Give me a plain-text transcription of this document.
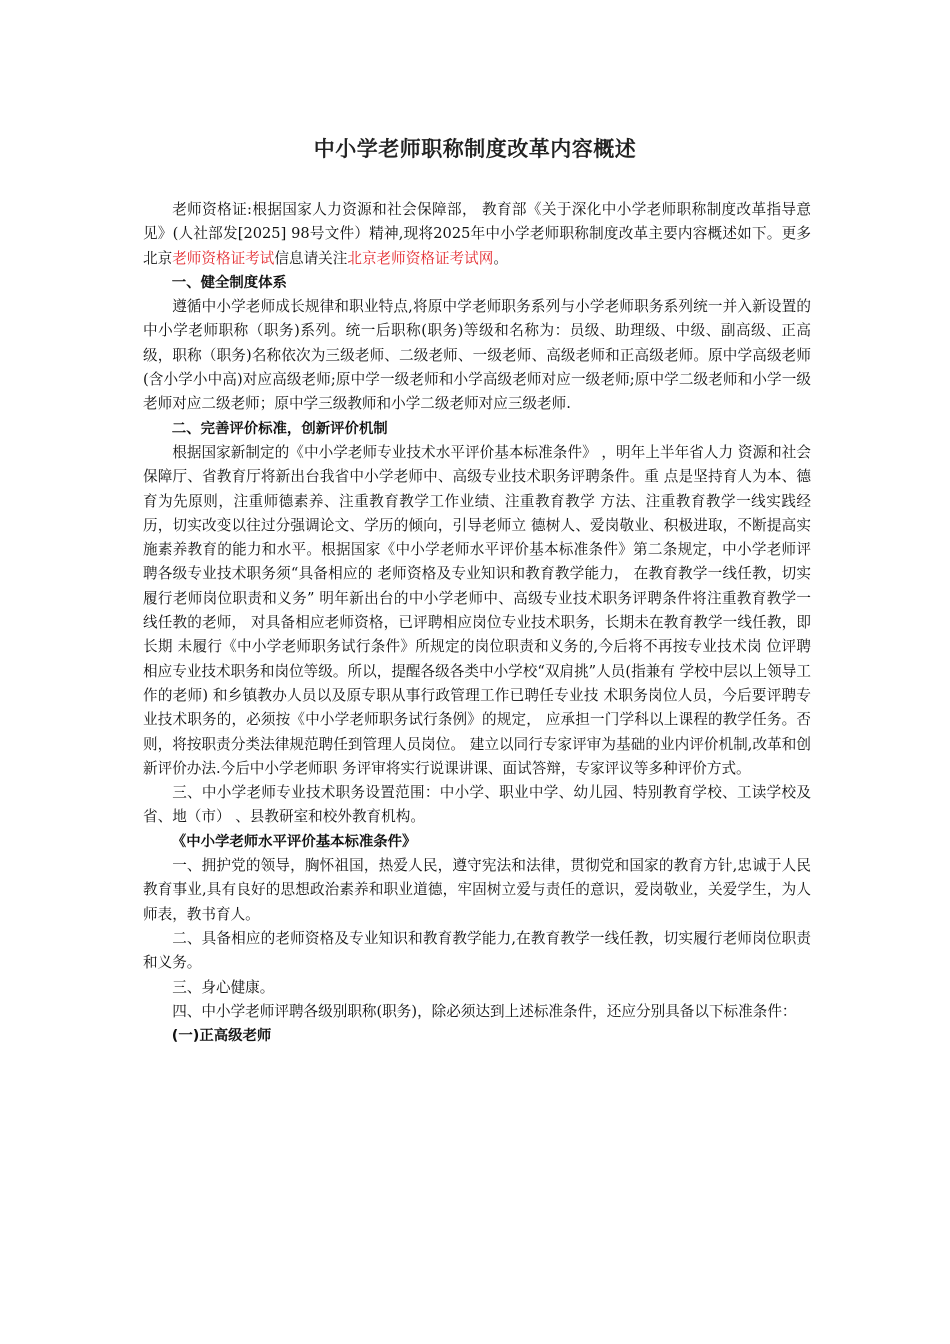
中小学老师职称制度改革内容概述

老师资格证:根据国家人力资源和社会保障部， 教育部《关于深化中小学老师职称制度改革指导意见》(人社部发[2025] 98号文件）精神,现将2025年中小学老师职称制度改革主要内容概述如下。更多北京老师资格证考试信息请关注北京老师资格证考试网。

一、健全制度体系

遵循中小学老师成长规律和职业特点,将原中学老师职务系列与小学老师职务系列统一并入新设置的中小学老师职称（职务)系列。统一后职称(职务)等级和名称为：员级、助理级、中级、副高级、正高级，职称（职务)名称依次为三级老师、二级老师、一级老师、高级老师和正高级老师。原中学高级老师(含小学小中高)对应高级老师;原中学一级老师和小学高级老师对应一级老师;原中学二级老师和小学一级老师对应二级老师；原中学三级教师和小学二级老师对应三级老师.

二、完善评价标准，创新评价机制

根据国家新制定的《中小学老师专业技术水平评价基本标准条件》 ，明年上半年省人力 资源和社会保障厅、省教育厅将新出台我省中小学老师中、高级专业技术职务评聘条件。重 点是坚持育人为本、德育为先原则，注重师德素养、注重教育教学工作业绩、注重教育教学 方法、注重教育教学一线实践经历，切实改变以往过分强调论文、学历的倾向，引导老师立 德树人、爱岗敬业、积极进取，不断提高实施素养教育的能力和水平。根据国家《中小学老师水平评价基本标准条件》第二条规定，中小学老师评聘各级专业技术职务须“具备相应的 老师资格及专业知识和教育教学能力， 在教育教学一线任教，切实履行老师岗位职责和义务” 明年新出台的中小学老师中、高级专业技术职务评聘条件将注重教育教学一线任教的老师， 对具备相应老师资格，已评聘相应岗位专业技术职务，长期未在教育教学一线任教，即长期 未履行《中小学老师职务试行条件》所规定的岗位职责和义务的,今后将不再按专业技术岗 位评聘相应专业技术职务和岗位等级。所以，提醒各级各类中小学校“双肩挑”人员(指兼有 学校中层以上领导工作的老师) 和乡镇教办人员以及原专职从事行政管理工作已聘任专业技 术职务岗位人员，今后要评聘专业技术职务的，必须按《中小学老师职务试行条例》的规定， 应承担一门学科以上课程的教学任务。否则，将按职责分类法律规范聘任到管理人员岗位。 建立以同行专家评审为基础的业内评价机制,改革和创新评价办法.今后中小学老师职 务评审将实行说课讲课、面试答辩，专家评议等多种评价方式。

三、中小学老师专业技术职务设置范围：中小学、职业中学、幼儿园、特别教育学校、工读学校及省、地（市） 、县教研室和校外教育机构。

《中小学老师水平评价基本标准条件》

一、拥护党的领导，胸怀祖国，热爱人民，遵守宪法和法律，贯彻党和国家的教育方针,忠诚于人民教育事业,具有良好的思想政治素养和职业道德，牢固树立爱与责任的意识，爱岗敬业，关爱学生，为人师表，教书育人。

二、具备相应的老师资格及专业知识和教育教学能力,在教育教学一线任教，切实履行老师岗位职责和义务。

三、身心健康。

四、中小学老师评聘各级别职称(职务)，除必须达到上述标准条件，还应分别具备以下标准条件：

(一)正高级老师
